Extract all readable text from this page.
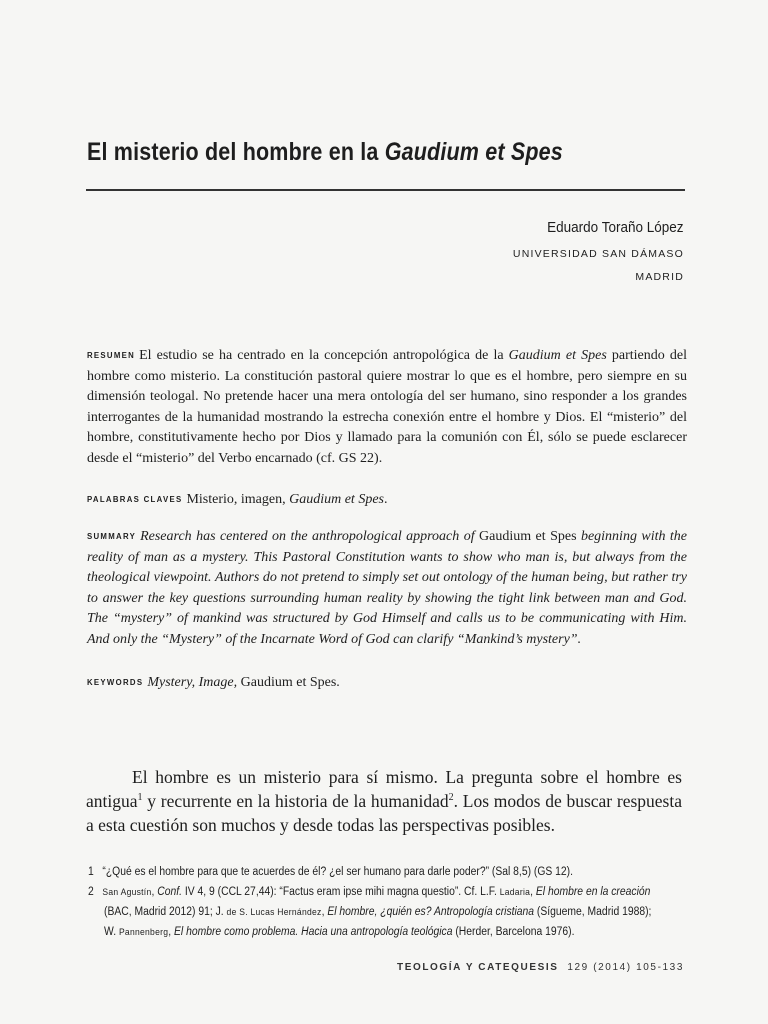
El misterio del hombre en la Gaudium et Spes
Eduardo Toraño López
UNIVERSIDAD SAN DÁMASO
MADRID
RESUMEN El estudio se ha centrado en la concepción antropológica de la Gaudium et Spes partiendo del hombre como misterio. La constitución pastoral quiere mostrar lo que es el hombre, pero siempre en su dimensión teologal. No pretende hacer una mera ontología del ser humano, sino responder a los grandes interrogantes de la humanidad mostrando la estrecha conexión entre el hombre y Dios. El “misterio” del hombre, constitutivamente hecho por Dios y llamado para la comunión con Él, sólo se puede esclarecer desde el “misterio” del Verbo encarnado (cf. GS 22).
PALABRAS CLAVES Misterio, imagen, Gaudium et Spes.
SUMMARY Research has centered on the anthropological approach of Gaudium et Spes beginning with the reality of man as a mystery. This Pastoral Constitution wants to show who man is, but always from the theological viewpoint. Authors do not pretend to simply set out ontology of the human being, but rather try to answer the key questions surrounding human reality by showing the tight link between man and God. The “mystery” of mankind was structured by God Himself and calls us to be communicating with Him. And only the “Mystery” of the Incarnate Word of God can clarify “Mankind’s mystery”.
KEYWORDS Mystery, Image, Gaudium et Spes.
El hombre es un misterio para sí mismo. La pregunta sobre el hombre es antigua$^1$ y recurrente en la historia de la humanidad$^2$. Los modos de buscar respuesta a esta cuestión son muchos y desde todas las perspectivas posibles.
1 “¿Qué es el hombre para que te acuerdes de él? ¿el ser humano para darle poder?” (Sal 8,5) (GS 12).
2 San Agustín, Conf. IV 4, 9 (CCL 27,44): “Factus eram ipse mihi magna questio”. Cf. L.F. Ladaria, El hombre en la creación
(BAC, Madrid 2012) 91; J. de S. Lucas Hernández, El hombre, ¿quién es? Antropología cristiana (Sígueme, Madrid 1988);
W. Pannenberg, El hombre como problema. Hacia una antropología teológica (Herder, Barcelona 1976).
TEOLOGÍA Y CATEQUESIS 129 (2014) 105-133
